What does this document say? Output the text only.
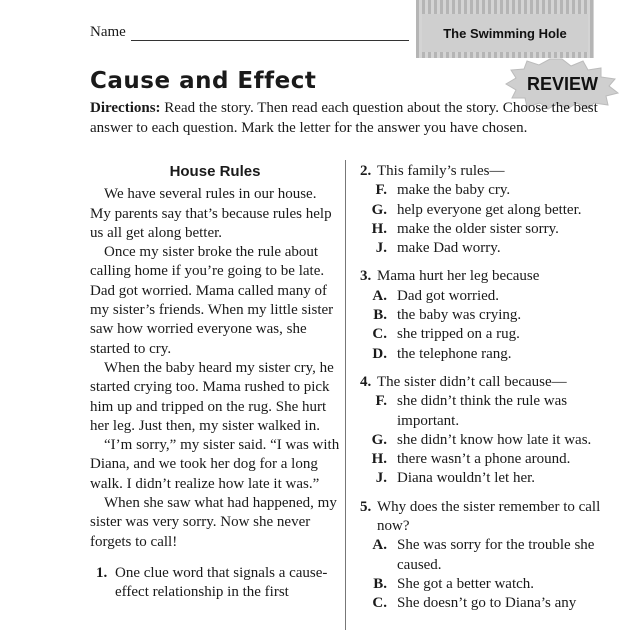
Name	The Swimming Hole
Cause and Effect	REVIEW
Directions: Read the story. Then read each question about the story. Choose the best answer to each question. Mark the letter for the answer you have chosen.
House Rules

We have several rules in our house. My parents say that’s because rules help us all get along better.

Once my sister broke the rule about calling home if you’re going to be late. Dad got worried. Mama called many of my sister’s friends. When my little sister saw how worried everyone was, she started to cry.

When the baby heard my sister cry, he started crying too. Mama rushed to pick him up and tripped on the rug. She hurt her leg. Just then, my sister walked in.

“I’m sorry,” my sister said. “I was with Diana, and we took her dog for a long walk. I didn’t realize how late it was.”

When she saw what had happened, my sister was very sorry. Now she never forgets to call!

1. One clue word that signals a cause-effect relationship in the first
2. This family’s rules—
F. make the baby cry.
G. help everyone get along better.
H. make the older sister sorry.
J. make Dad worry.
3. Mama hurt her leg because
A. Dad got worried.
B. the baby was crying.
C. she tripped on a rug.
D. the telephone rang.
4. The sister didn’t call because—
F. she didn’t think the rule was important.
G. she didn’t know how late it was.
H. there wasn’t a phone around.
J. Diana wouldn’t let her.
5. Why does the sister remember to call now?
A. She was sorry for the trouble she caused.
B. She got a better watch.
C. She doesn’t go to Diana’s any
